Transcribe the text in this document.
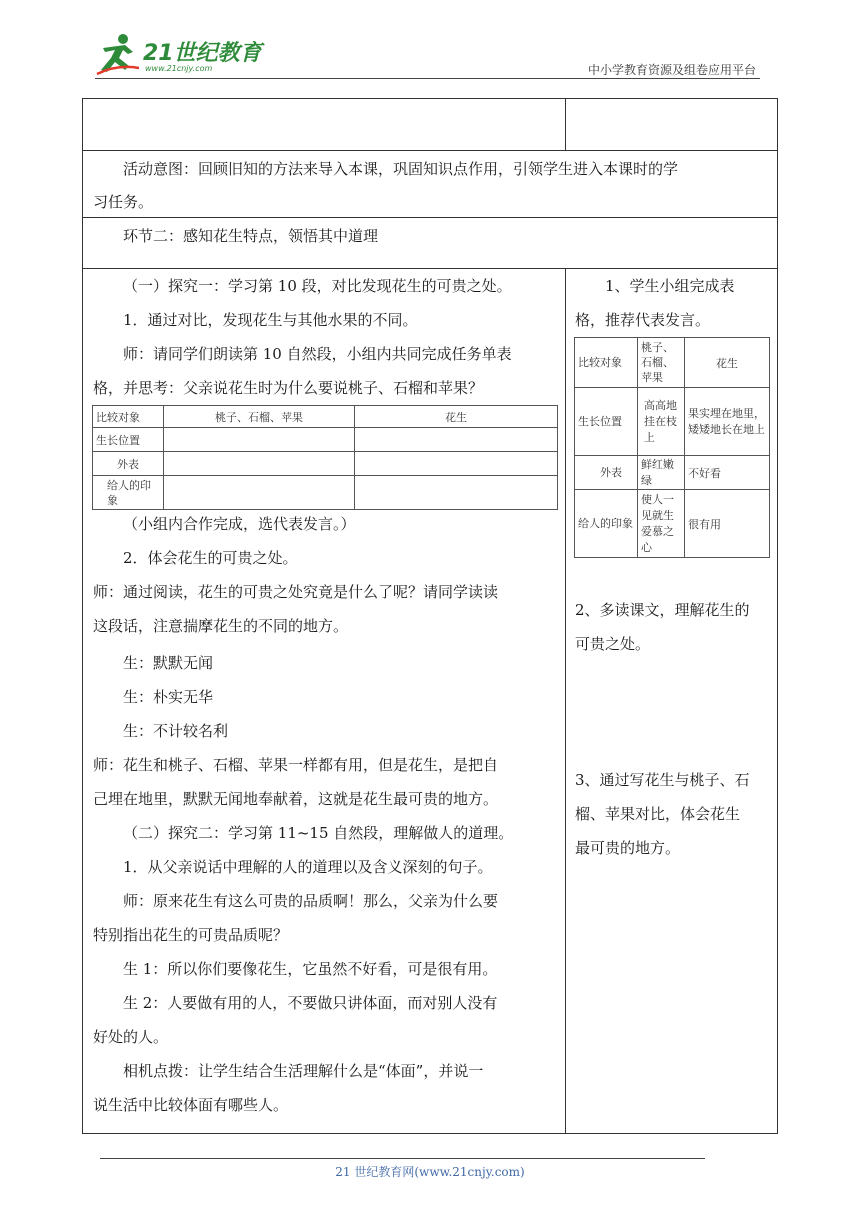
21世纪教育
www.21cnjy.com	中小学教育资源及组卷应用平台
活动意图：回顾旧知的方法来导入本课，巩固知识点作用，引领学生进入本课时的学
习任务。
环节二：感知花生特点，领悟其中道理
（一）探究一：学习第 10 段，对比发现花生的可贵之处。
1．通过对比，发现花生与其他水果的不同。
师：请同学们朗读第 10 自然段，小组内共同完成任务单表
格，并思考：父亲说花生时为什么要说桃子、石榴和苹果？
比较对象	桃子、石榴、苹果	花生
生长位置		
外表		
给人的印象		
（小组内合作完成，选代表发言。）
2．体会花生的可贵之处。
师：通过阅读，花生的可贵之处究竟是什么了呢？请同学读读
这段话，注意揣摩花生的不同的地方。
生：默默无闻
生：朴实无华
生：不计较名利
师：花生和桃子、石榴、苹果一样都有用，但是花生，是把自
己埋在地里，默默无闻地奉献着，这就是花生最可贵的地方。
（二）探究二：学习第 11~15 自然段，理解做人的道理。
1．从父亲说话中理解的人的道理以及含义深刻的句子。
师：原来花生有这么可贵的品质啊！那么，父亲为什么要
特别指出花生的可贵品质呢？
生 1：所以你们要像花生，它虽然不好看，可是很有用。
生 2：人要做有用的人，不要做只讲体面，而对别人没有
好处的人。
相机点拨：让学生结合生活理解什么是“体面”，并说一
说生活中比较体面有哪些人。
1、学生小组完成表
格，推荐代表发言。
比较对象	桃子、石榴、苹果	花生
生长位置	高高地挂在枝上	果实埋在地里，矮矮地长在地上
外表	鲜红嫩绿	不好看
给人的印象	使人一见就生爱慕之心	很有用
2、多读课文，理解花生的
可贵之处。
3、通过写花生与桃子、石
榴、苹果对比，体会花生
最可贵的地方。
21 世纪教育网(www.21cnjy.com)
